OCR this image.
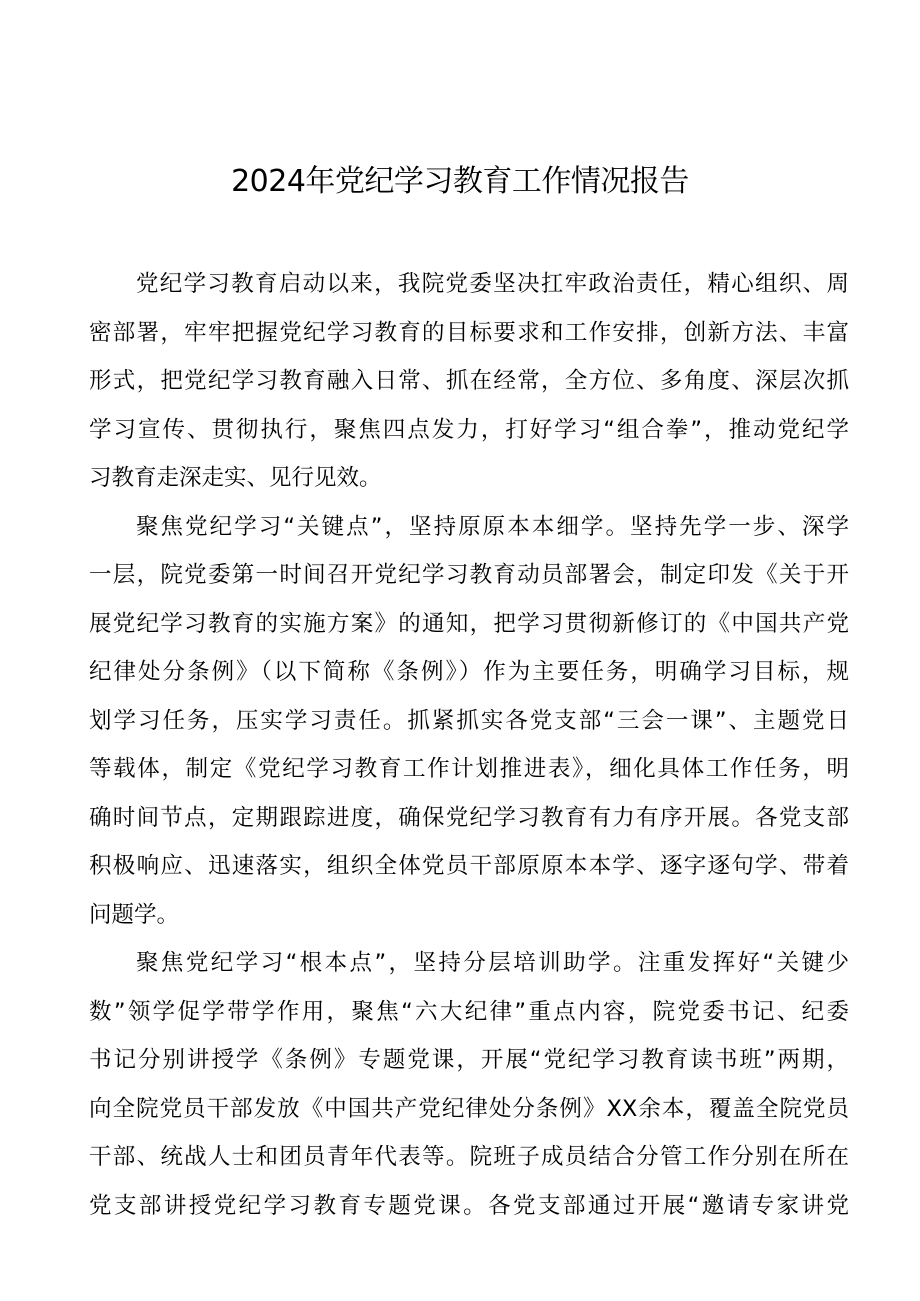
2024年党纪学习教育工作情况报告
党纪学习教育启动以来，我院党委坚决扛牢政治责任，精心组织、周
密部署，牢牢把握党纪学习教育的目标要求和工作安排，创新方法、丰富
形式，把党纪学习教育融入日常、抓在经常，全方位、多角度、深层次抓
学习宣传、贯彻执行，聚焦四点发力，打好学习“组合拳”，推动党纪学
习教育走深走实、见行见效。
聚焦党纪学习“关键点”，坚持原原本本细学。坚持先学一步、深学
一层，院党委第一时间召开党纪学习教育动员部署会，制定印发《关于开
展党纪学习教育的实施方案》的通知，把学习贯彻新修订的《中国共产党
纪律处分条例》（以下简称《条例》）作为主要任务，明确学习目标，规
划学习任务，压实学习责任。抓紧抓实各党支部“三会一课”、主题党日
等载体，制定《党纪学习教育工作计划推进表》，细化具体工作任务，明
确时间节点，定期跟踪进度，确保党纪学习教育有力有序开展。各党支部
积极响应、迅速落实，组织全体党员干部原原本本学、逐字逐句学、带着
问题学。
聚焦党纪学习“根本点”，坚持分层培训助学。注重发挥好“关键少
数”领学促学带学作用，聚焦“六大纪律”重点内容，院党委书记、纪委
书记分别讲授学《条例》专题党课，开展“党纪学习教育读书班”两期，
向全院党员干部发放《中国共产党纪律处分条例》XX余本，覆盖全院党员
干部、统战人士和团员青年代表等。院班子成员结合分管工作分别在所在
党支部讲授党纪学习教育专题党课。各党支部通过开展“邀请专家讲党
